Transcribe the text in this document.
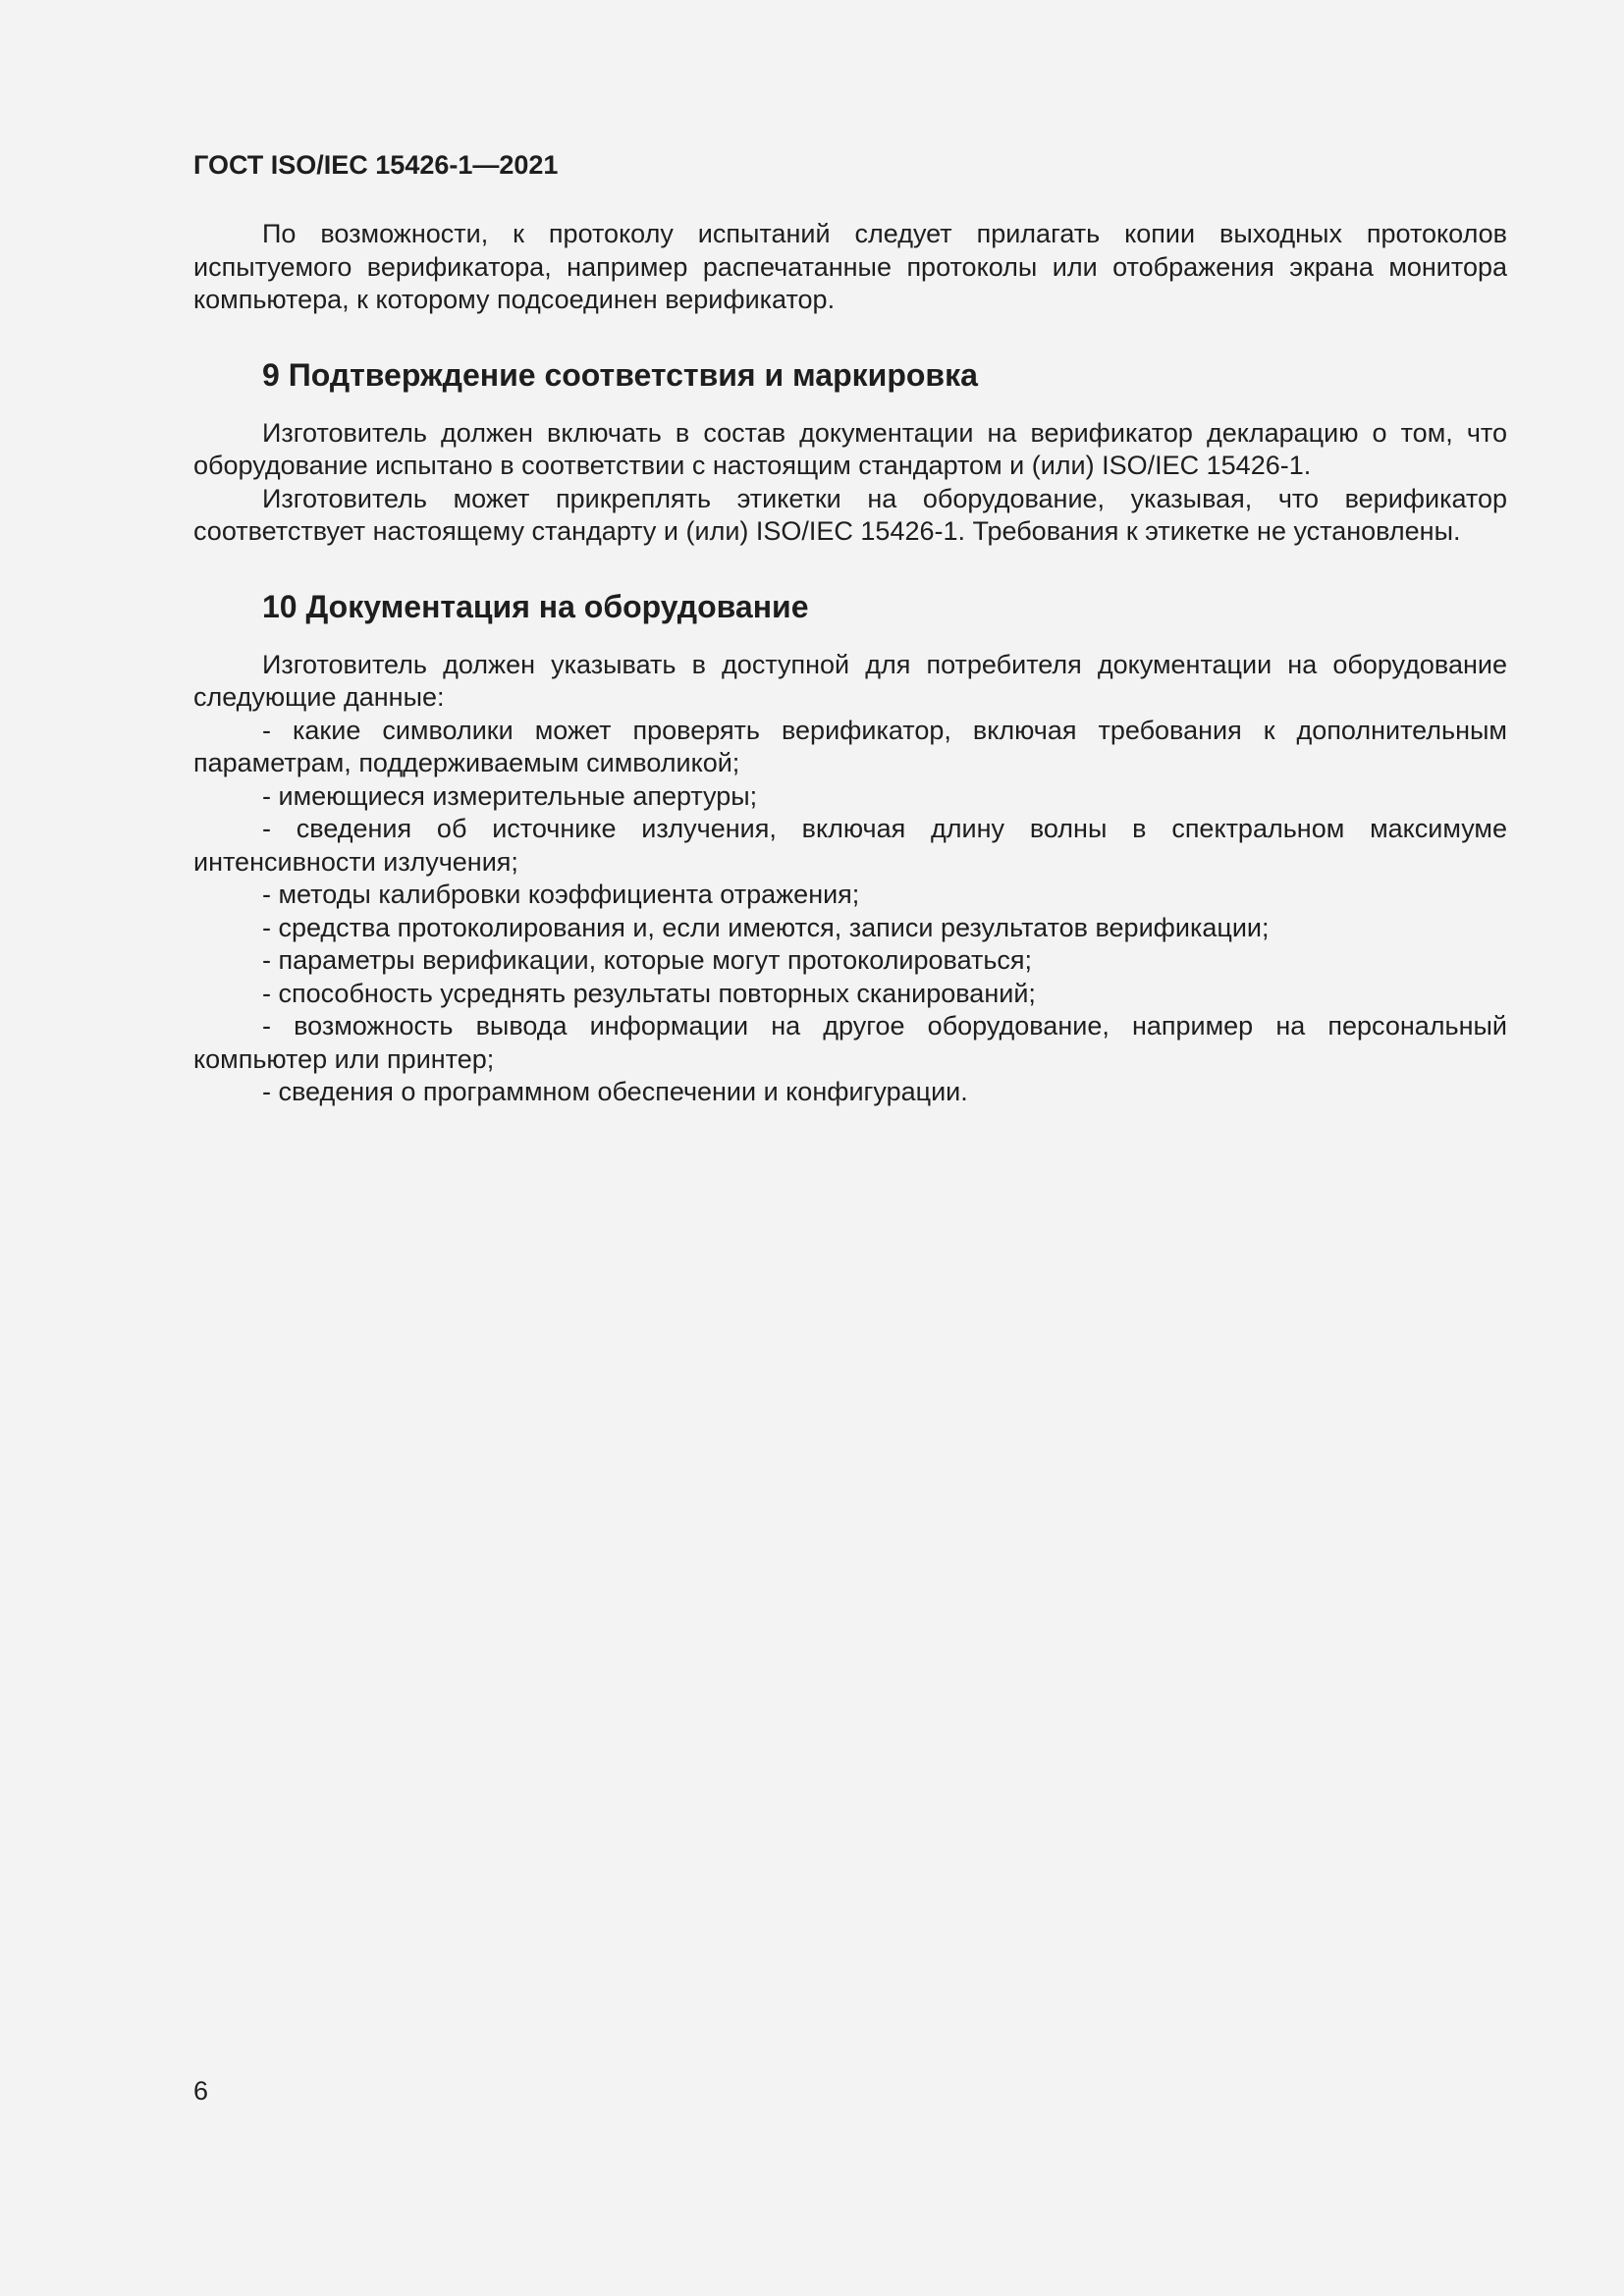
ГОСТ ISO/IEC 15426-1—2021

По возможности, к протоколу испытаний следует прилагать копии выходных протоколов испытуемого верификатора, например распечатанные протоколы или отображения экрана монитора компьютера, к которому подсоединен верификатор.

9 Подтверждение соответствия и маркировка

Изготовитель должен включать в состав документации на верификатор декларацию о том, что оборудование испытано в соответствии с настоящим стандартом и (или) ISO/IEC 15426-1.

Изготовитель может прикреплять этикетки на оборудование, указывая, что верификатор соответствует настоящему стандарту и (или) ISO/IEC 15426-1. Требования к этикетке не установлены.

10 Документация на оборудование

Изготовитель должен указывать в доступной для потребителя документации на оборудование следующие данные:

- какие символики может проверять верификатор, включая требования к дополнительным параметрам, поддерживаемым символикой;

- имеющиеся измерительные апертуры;

- сведения об источнике излучения, включая длину волны в спектральном максимуме интенсивности излучения;

- методы калибровки коэффициента отражения;

- средства протоколирования и, если имеются, записи результатов верификации;

- параметры верификации, которые могут протоколироваться;

- способность усреднять результаты повторных сканирований;

- возможность вывода информации на другое оборудование, например на персональный компьютер или принтер;

- сведения о программном обеспечении и конфигурации.

6
